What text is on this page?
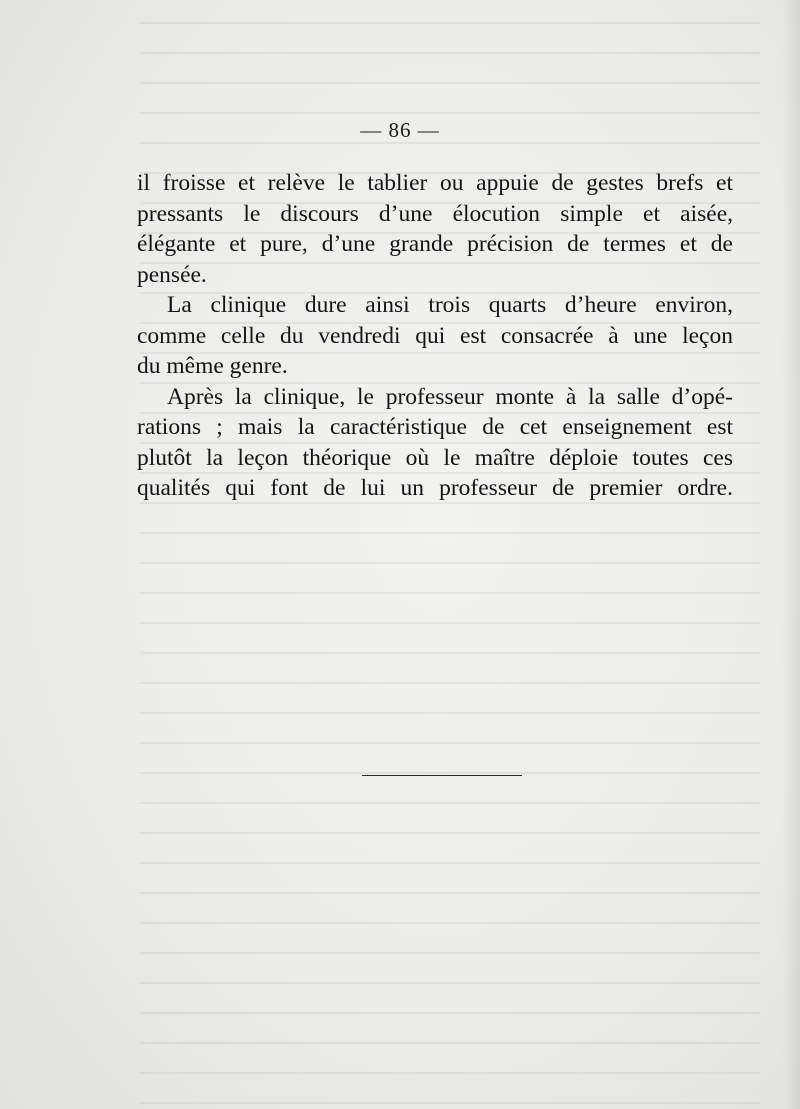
— 86 —

il froisse et relève le tablier ou appuie de gestes brefs et
pressants le discours d’une élocution simple et aisée,
élégante et pure, d’une grande précision de termes et de
pensée.

La clinique dure ainsi trois quarts d’heure environ,
comme celle du vendredi qui est consacrée à une leçon
du même genre.

Après la clinique, le professeur monte à la salle d’opé-
rations ; mais la caractéristique de cet enseignement est
plutôt la leçon théorique où le maître déploie toutes ces
qualités qui font de lui un professeur de premier ordre.
